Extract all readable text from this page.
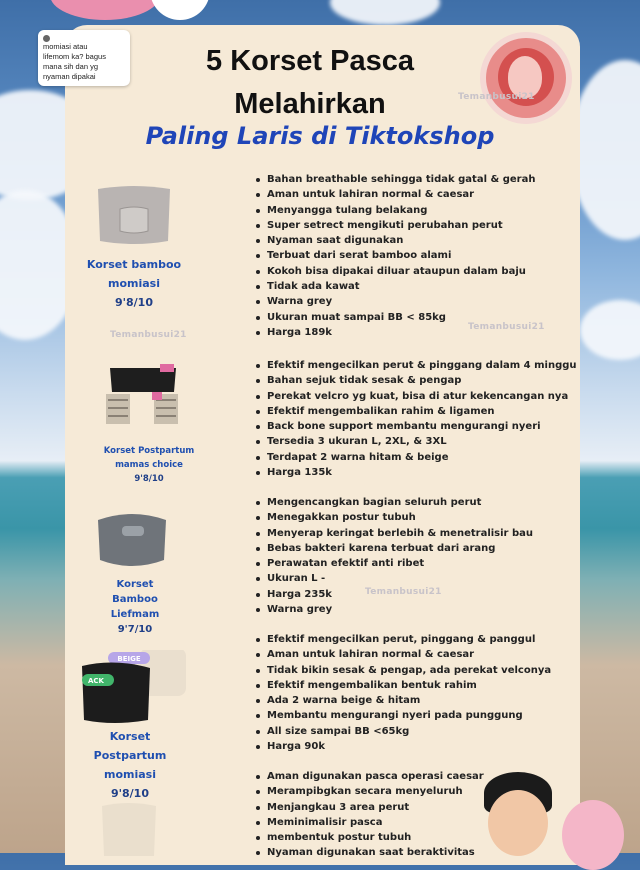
momiasi atau
lifemom ka? bagus
mana sih dan yg
nyaman dipakai	5 Korset Pasca Melahirkan
Paling Laris di Tiktokshop
Temanbusui21
Temanbusui21
Temanbusui21
Temanbusui21
BEIGE
ACK
Korset bamboo momiasi
9'8/10
Korset Postpartum mamas choice
9'8/10
Korset Bamboo Liefmam
9'7/10
Korset Postpartum momiasi
9'8/10
Bahan breathable sehingga tidak gatal & gerah
Aman untuk lahiran normal & caesar
Menyangga tulang belakang
Super setrect mengikuti perubahan perut
Nyaman saat digunakan
Terbuat dari serat bamboo alami
Kokoh bisa dipakai diluar ataupun dalam baju
Tidak ada kawat
Warna grey
Ukuran muat sampai BB < 85kg
Harga 189k
Efektif mengecilkan perut & pinggang dalam 4 minggu
Bahan sejuk tidak sesak & pengap
Perekat velcro yg kuat, bisa di atur kekencangan nya
Efektif mengembalikan rahim & ligamen
Back bone support membantu mengurangi nyeri
Tersedia 3 ukuran L, 2XL, & 3XL
Terdapat 2 warna hitam & beige
Harga 135k
Mengencangkan bagian seluruh perut
Menegakkan postur tubuh
Menyerap keringat berlebih & menetralisir bau
Bebas bakteri karena terbuat dari arang
Perawatan efektif anti ribet
Ukuran L -
Harga 235k
Warna grey
Efektif mengecilkan perut, pinggang & panggul
Aman untuk lahiran normal & caesar
Tidak bikin sesak & pengap, ada perekat velconya
Efektif mengembalikan bentuk rahim
Ada 2 warna beige & hitam
Membantu mengurangi nyeri pada punggung
All size sampai BB <65kg
Harga 90k
Aman digunakan pasca operasi caesar
Merampibgkan secara menyeluruh
Menjangkau 3 area perut
Meminimalisir pasca
membentuk postur tubuh
Nyaman digunakan saat beraktivitas
